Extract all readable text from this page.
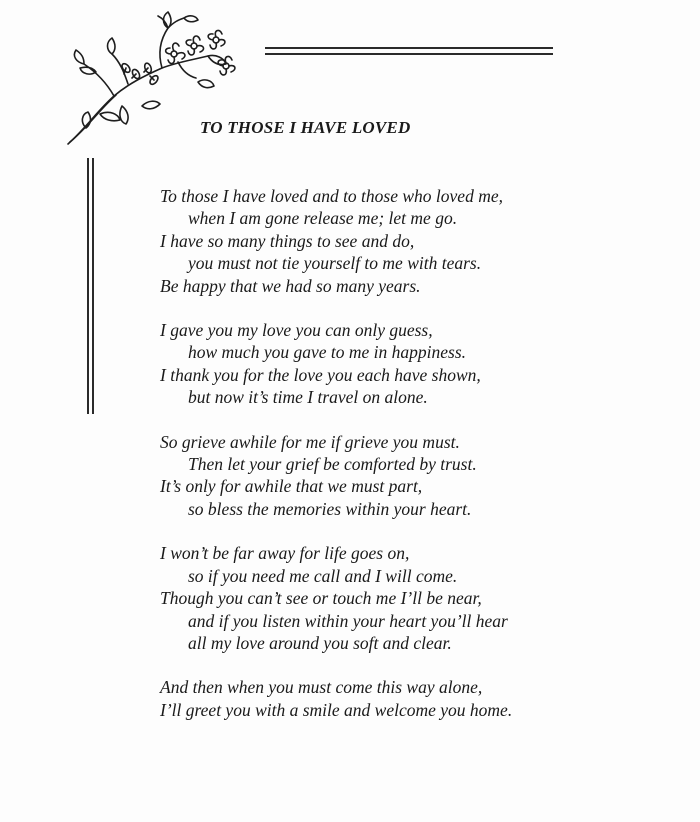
TO THOSE I HAVE LOVED
To those I have loved and to those who loved me,
when I am gone release me; let me go.
I have so many things to see and do,
you must not tie yourself to me with tears.
Be happy that we had so many years.
I gave you my love you can only guess,
how much you gave to me in happiness.
I thank you for the love you each have shown,
but now it’s time I travel on alone.
So grieve awhile for me if grieve you must.
Then let your grief be comforted by trust.
It’s only for awhile that we must part,
so bless the memories within your heart.
I won’t be far away for life goes on,
so if you need me call and I will come.
Though you can’t see or touch me I’ll be near,
and if you listen within your heart you’ll hear
all my love around you soft and clear.
And then when you must come this way alone,
I’ll greet you with a smile and welcome you home.
